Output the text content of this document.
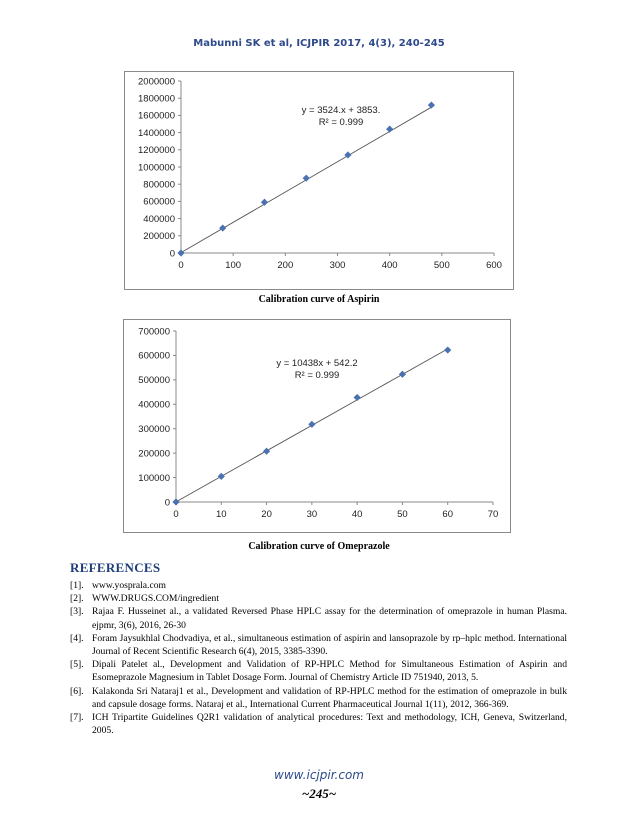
Mabunni SK et al, ICJPIR 2017, 4(3), 240-245
0
200000
400000
600000
800000
1000000
1200000
1400000
1600000
1800000
2000000
0	100	200	300	400	500	600
y = 3524.x + 3853.
R² = 0.999
Calibration curve of Aspirin
0
100000
200000
300000
400000
500000
600000
700000
0	10	20	30	40	50	60	70
y = 10438x + 542.2
R² = 0.999
Calibration curve of Omeprazole
REFERENCES
[1]. www.yosprala.com
[2]. WWW.DRUGS.COM/ingredient
[3]. Rajaa F. Husseinet al., a validated Reversed Phase HPLC assay for the determination of omeprazole in human Plasma. ejpmr, 3(6), 2016, 26-30
[4]. Foram Jaysukhlal Chodvadiya, et al., simultaneous estimation of aspirin and lansoprazole by rp–hplc method. International Journal of Recent Scientific Research 6(4), 2015, 3385-3390.
[5]. Dipali Patelet al., Development and Validation of RP-HPLC Method for Simultaneous Estimation of Aspirin and Esomeprazole Magnesium in Tablet Dosage Form. Journal of Chemistry Article ID 751940, 2013, 5.
[6]. Kalakonda Sri Nataraj1 et al., Development and validation of RP-HPLC method for the estimation of omeprazole in bulk and capsule dosage forms. Nataraj et al., International Current Pharmaceutical Journal 1(11), 2012, 366-369.
[7]. ICH Tripartite Guidelines Q2R1 validation of analytical procedures: Text and methodology, ICH, Geneva, Switzerland, 2005.
www.icjpir.com
~245~
